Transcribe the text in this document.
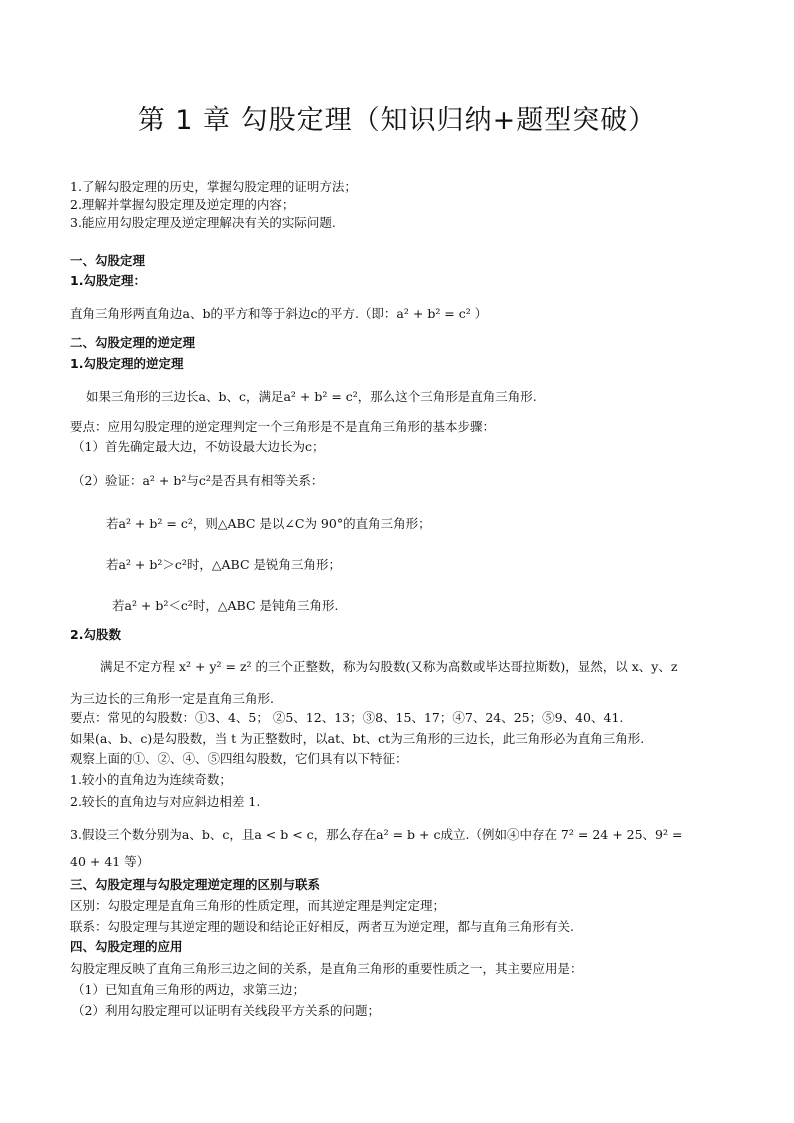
第 1 章 勾股定理（知识归纳+题型突破）
1.了解勾股定理的历史，掌握勾股定理的证明方法；
2.理解并掌握勾股定理及逆定理的内容；
3.能应用勾股定理及逆定理解决有关的实际问题.
一、勾股定理
1.勾股定理：
直角三角形两直角边a、b的平方和等于斜边c的平方.（即：a² + b² = c² ）
二、勾股定理的逆定理
1.勾股定理的逆定理
如果三角形的三边长a、b、c，满足a² + b² = c²，那么这个三角形是直角三角形.
要点：应用勾股定理的逆定理判定一个三角形是不是直角三角形的基本步骤：
（1）首先确定最大边，不妨设最大边长为c；
（2）验证：a² + b²与c²是否具有相等关系：
若a² + b² = c²，则△ABC 是以∠C为 90°的直角三角形；
若a² + b²＞c²时，△ABC 是锐角三角形；
若a² + b²＜c²时，△ABC 是钝角三角形.
2.勾股数
满足不定方程 x² + y² = z² 的三个正整数，称为勾股数(又称为高数或毕达哥拉斯数)，显然，以 x、y、z
为三边长的三角形一定是直角三角形.
要点：常见的勾股数：①3、4、5； ②5、12、13；③8、15、17；④7、24、25；⑤9、40、41.
如果(a、b、c)是勾股数，当 t 为正整数时，以at、bt、ct为三角形的三边长，此三角形必为直角三角形.
观察上面的①、②、④、⑤四组勾股数，它们具有以下特征：
1.较小的直角边为连续奇数；
2.较长的直角边与对应斜边相差 1.
3.假设三个数分别为a、b、c，且a < b < c，那么存在a² = b + c成立.（例如④中存在 7² = 24 + 25、9² =
40 + 41 等）
三、勾股定理与勾股定理逆定理的区别与联系
区别：勾股定理是直角三角形的性质定理，而其逆定理是判定定理；
联系：勾股定理与其逆定理的题设和结论正好相反，两者互为逆定理，都与直角三角形有关.
四、勾股定理的应用
勾股定理反映了直角三角形三边之间的关系，是直角三角形的重要性质之一，其主要应用是：
（1）已知直角三角形的两边，求第三边；
（2）利用勾股定理可以证明有关线段平方关系的问题；
